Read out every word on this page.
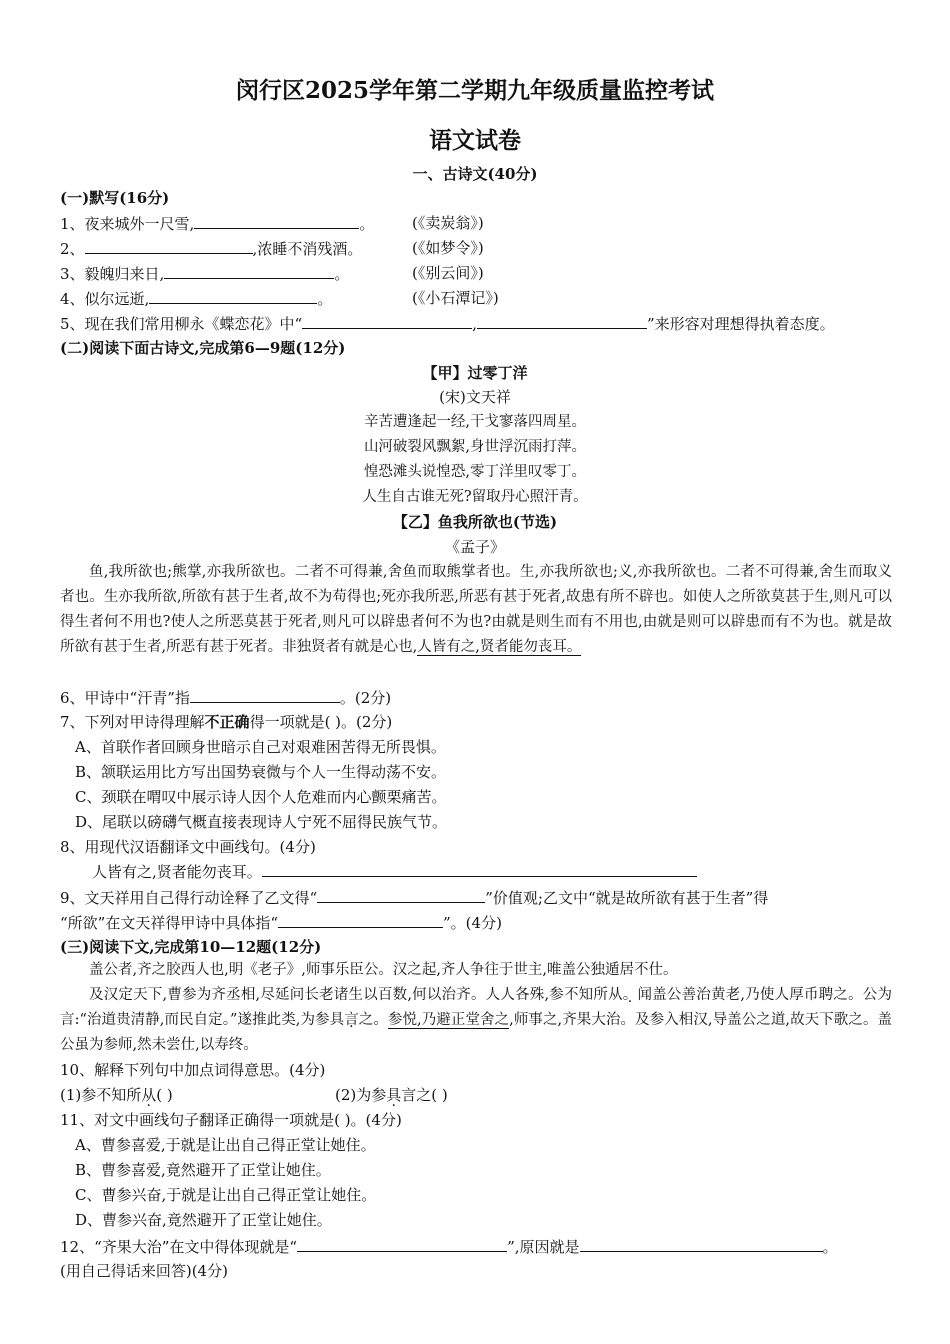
闵行区2025学年第二学期九年级质量监控考试
语文试卷
一、古诗文(40分)
(一)默写(16分)
1、夜来城外一尺雪,	。	(《卖炭翁》)
2、	,浓睡不消残酒。	(《如梦令》)
3、毅魄归来日,	。	(《别云间》)
4、似尔远逝,	。	(《小石潭记》)
5、现在我们常用柳永《蝶恋花》中“	,	”来形容对理想得执着态度。
(二)阅读下面古诗文,完成第6—9题(12分)
【甲】过零丁洋
(宋)文天祥
辛苦遭逢起一经,干戈寥落四周星。
山河破裂风飘絮,身世浮沉雨打萍。
惶恐滩头说惶恐,零丁洋里叹零丁。
人生自古谁无死?留取丹心照汗青。
【乙】鱼我所欲也(节选)
《孟子》
鱼,我所欲也;熊掌,亦我所欲也。二者不可得兼,舍鱼而取熊掌者也。生,亦我所欲也;义,亦我所欲也。二者不可得兼,舍生而取义者也。生亦我所欲,所欲有甚于生者,故不为苟得也;死亦我所恶,所恶有甚于死者,故患有所不辟也。如使人之所欲莫甚于生,则凡可以得生者何不用也?使人之所恶莫甚于死者,则凡可以辟患者何不为也?由就是则生而有不用也,由就是则可以辟患而有不为也。就是故所欲有甚于生者,所恶有甚于死者。非独贤者有就是心也,人皆有之,贤者能勿丧耳。
6、甲诗中“汗青”指	。(2分)
7、下列对甲诗得理解不正确得一项就是( )。(2分)
A、首联作者回顾身世暗示自己对艰难困苦得无所畏惧。
B、颔联运用比方写出国势衰微与个人一生得动荡不安。
C、颈联在喟叹中展示诗人因个人危难而内心颤栗痛苦。
D、尾联以磅礴气概直接表现诗人宁死不屈得民族气节。
8、用现代汉语翻译文中画线句。(4分)
人皆有之,贤者能勿丧耳。
9、文天祥用自己得行动诠释了乙文得“	”价值观;乙文中“就是故所欲有甚于生者”得
“所欲”在文天祥得甲诗中具体指“	”。(4分)
(三)阅读下文,完成第10—12题(12分)
盖公者,齐之胶西人也,明《老子》,师事乐臣公。汉之起,齐人争往于世主,唯盖公独遁居不仕。
及汉定天下,曹参为齐丞相,尽延问长老诸生以百数,何以治齐。人人各殊,参不知所从。闻盖公善治黄老,乃使人厚币聘之。公为言:“治道贵清静,而民自定。”遂推此类,为参具言之。参悦,乃避正堂舍之,师事之,齐果大治。及参入相汉,导盖公之道,故天下歌之。盖公虽为参师,然未尝仕,以寿终。
10、解释下列句中加点词得意思。(4分)
(1)参不知所从( )	(2)为参具言之( )
11、对文中画线句子翻译正确得一项就是( )。(4分)
A、曹参喜爱,于就是让出自己得正堂让她住。
B、曹参喜爱,竟然避开了正堂让她住。
C、曹参兴奋,于就是让出自己得正堂让她住。
D、曹参兴奋,竟然避开了正堂让她住。
12、“齐果大治”在文中得体现就是“	”,原因就是	。
(用自己得话来回答)(4分)
